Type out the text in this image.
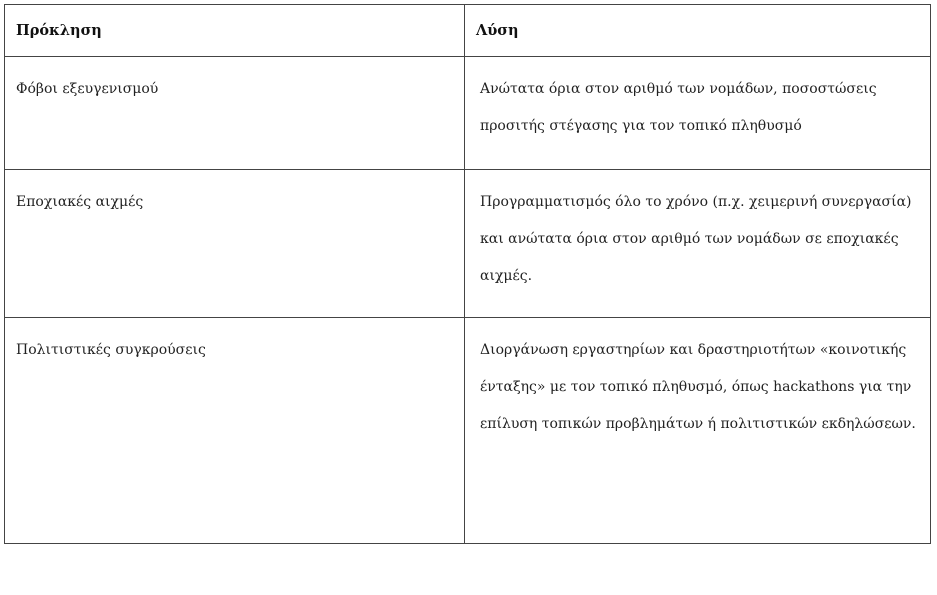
Πρόκληση	Λύση

Φόβοι εξευγενισμού	Ανώτατα όρια στον αριθμό των νομάδων, ποσοστώσεις προσιτής στέγασης για τον τοπικό πληθυσμό

Εποχιακές αιχμές	Προγραμματισμός όλο το χρόνο (π.χ. χειμερινή συνεργασία) και ανώτατα όρια στον αριθμό των νομάδων σε εποχιακές αιχμές.

Πολιτιστικές συγκρούσεις	Διοργάνωση εργαστηρίων και δραστηριοτήτων «κοινοτικής ένταξης» με τον τοπικό πληθυσμό, όπως hackathons για την επίλυση τοπικών προβλημάτων ή πολιτιστικών εκδηλώσεων.
